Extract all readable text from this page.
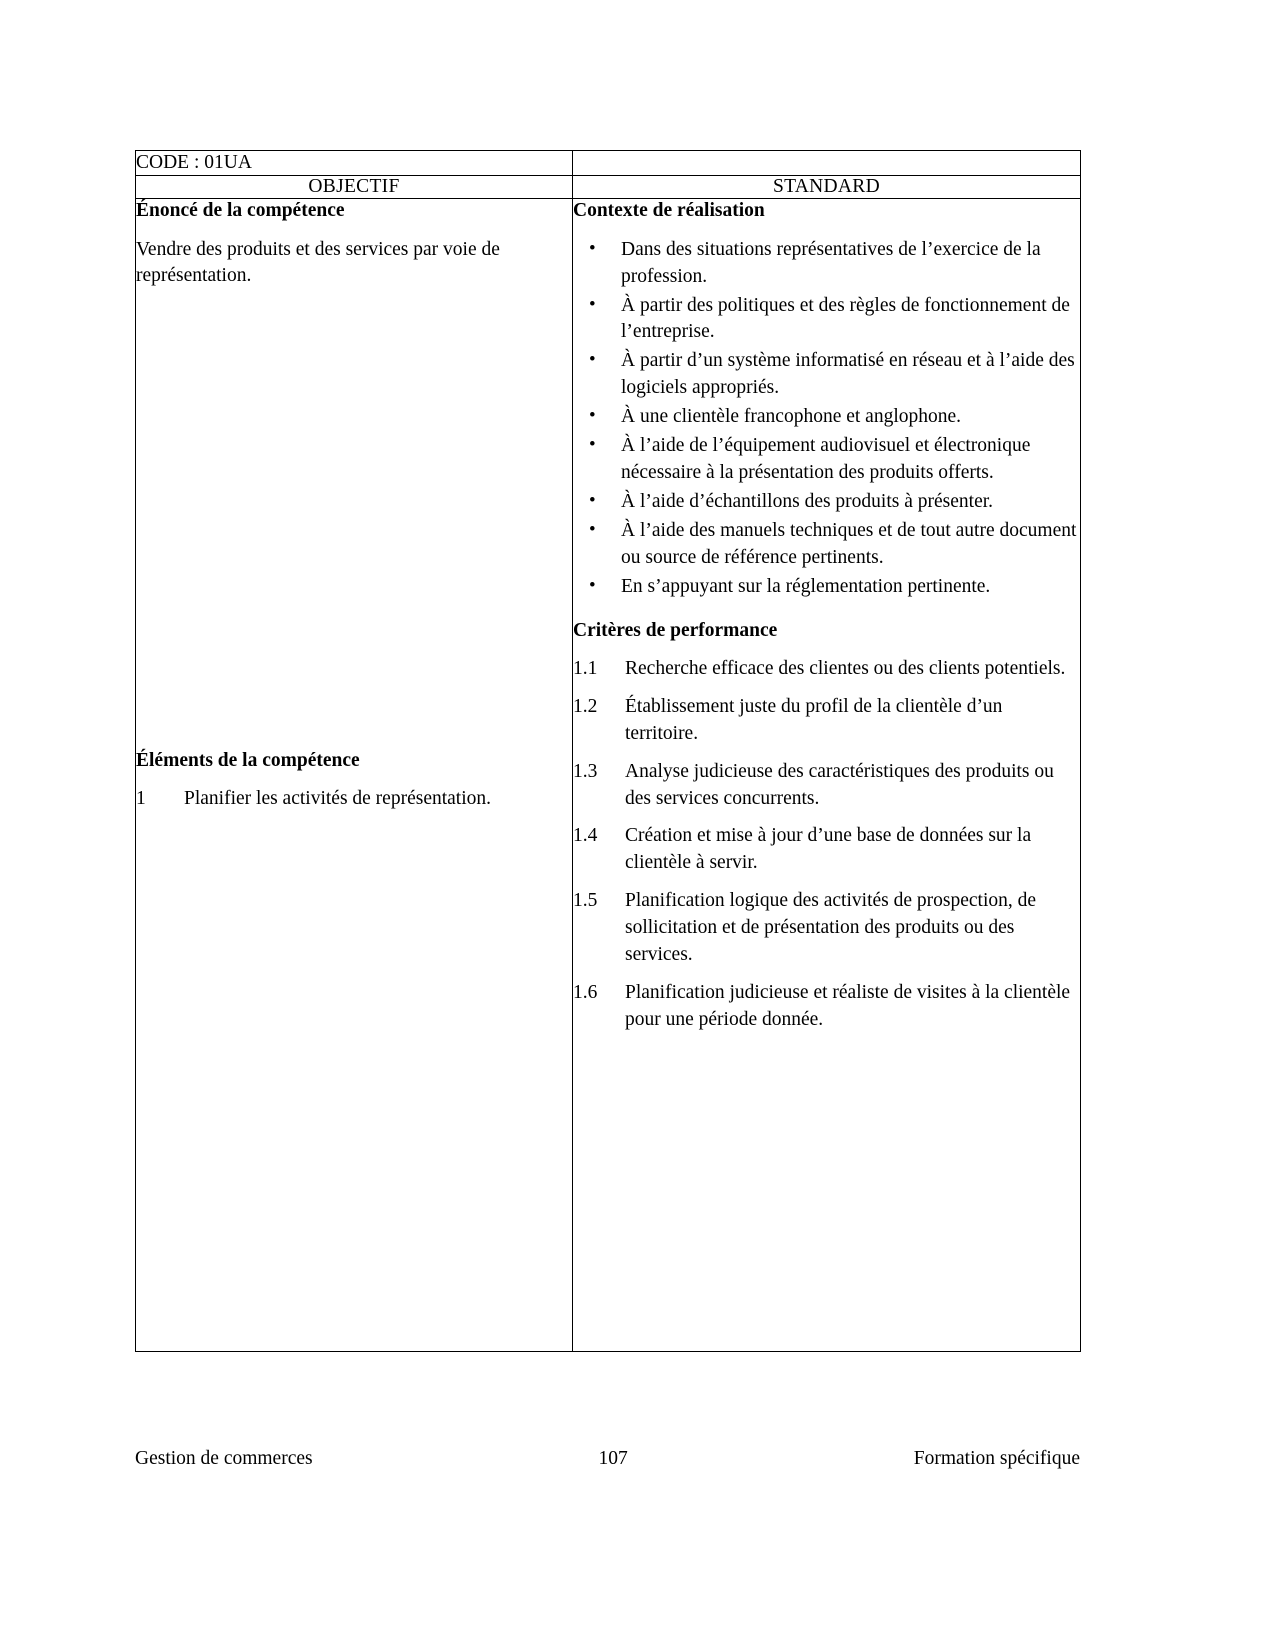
CODE : 01UA	
OBJECTIF	STANDARD

Énoncé de la compétence

Vendre des produits et des services par voie de représentation.

Éléments de la compétence
1 Planifier les activités de représentation.

Contexte de réalisation
• Dans des situations représentatives de l’exercice de la profession.
• À partir des politiques et des règles de fonctionnement de l’entreprise.
• À partir d’un système informatisé en réseau et à l’aide des logiciels appropriés.
• À une clientèle francophone et anglophone.
• À l’aide de l’équipement audiovisuel et électronique nécessaire à la présentation des produits offerts.
• À l’aide d’échantillons des produits à présenter.
• À l’aide des manuels techniques et de tout autre document ou source de référence pertinents.
• En s’appuyant sur la réglementation pertinente.
Critères de performance
1.1 Recherche efficace des clientes ou des clients potentiels.
1.2 Établissement juste du profil de la clientèle d’un territoire.
1.3 Analyse judicieuse des caractéristiques des produits ou des services concurrents.
1.4 Création et mise à jour d’une base de données sur la clientèle à servir.
1.5 Planification logique des activités de prospection, de sollicitation et de présentation des produits ou des services.
1.6 Planification judicieuse et réaliste de visites à la clientèle pour une période donnée.
Gestion de commerces	107	Formation spécifique
